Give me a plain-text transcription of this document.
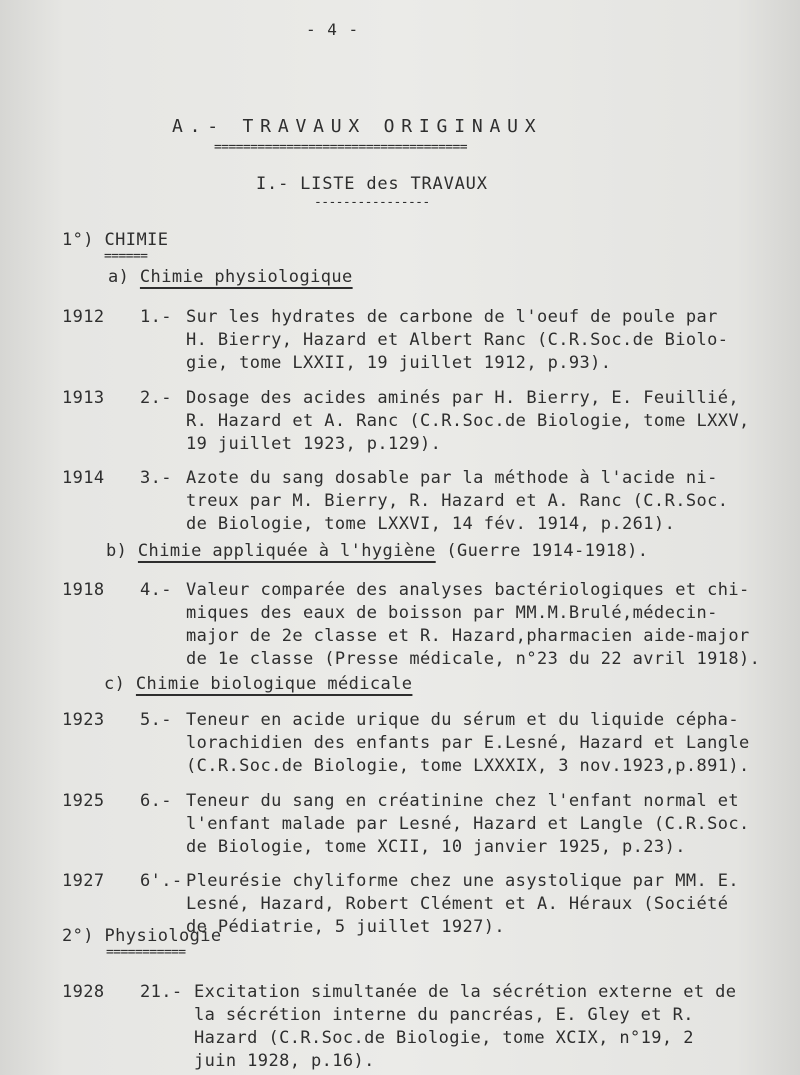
- 4 -
A.- TRAVAUX ORIGINAUX
===================================
I.- LISTE des TRAVAUX
----------------
1°) CHIMIE
======
a) Chimie physiologique
1912 1.- Sur les hydrates de carbone de l'oeuf de poule par
H. Bierry, Hazard et Albert Ranc (C.R.Soc.de Biolo-
gie, tome LXXII, 19 juillet 1912, p.93).
1913 2.- Dosage des acides aminés par H. Bierry, E. Feuillié,
R. Hazard et A. Ranc (C.R.Soc.de Biologie, tome LXXV,
19 juillet 1923, p.129).
1914 3.- Azote du sang dosable par la méthode à l'acide ni-
treux par M. Bierry, R. Hazard et A. Ranc (C.R.Soc.
de Biologie, tome LXXVI, 14 fév. 1914, p.261).
b) Chimie appliquée à l'hygiène (Guerre 1914-1918).
1918 4.- Valeur comparée des analyses bactériologiques et chi-
miques des eaux de boisson par MM.M.Brulé,médecin-
major de 2e classe et R. Hazard,pharmacien aide-major
de 1e classe (Presse médicale, n°23 du 22 avril 1918).
c) Chimie biologique médicale
1923 5.- Teneur en acide urique du sérum et du liquide cépha-
lorachidien des enfants par E.Lesné, Hazard et Langle
(C.R.Soc.de Biologie, tome LXXXIX, 3 nov.1923,p.891).
1925 6.- Teneur du sang en créatinine chez l'enfant normal et
l'enfant malade par Lesné, Hazard et Langle (C.R.Soc.
de Biologie, tome XCII, 10 janvier 1925, p.23).
1927 6'.- Pleurésie chyliforme chez une asystolique par MM. E.
Lesné, Hazard, Robert Clément et A. Héraux (Société
de Pédiatrie, 5 juillet 1927).
2°) Physiologie
===========
1928 21.- Excitation simultanée de la sécrétion externe et de
la sécrétion interne du pancréas, E. Gley et R.
Hazard (C.R.Soc.de Biologie, tome XCIX, n°19, 2
juin 1928, p.16).
